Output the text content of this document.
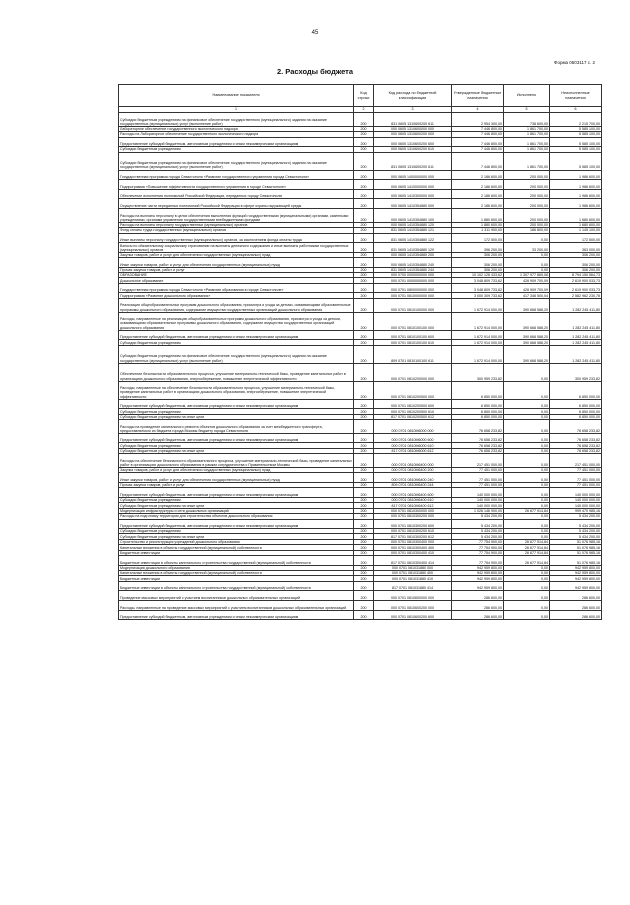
45
Форма 0503117 с. 2
2. Расходы бюджета
Наименование показателя	Код строки	Код расхода по бюджетной классификации	Утвержденные бюджетные назначения	Исполнено	Неисполненные назначения
1	2	3	4	5	6
Субсидии бюджетным учреждениям на финансовое обеспечение государственного (муниципального) задания на оказание государственных (муниципальных) услуг (выполнение работ)	200	831 0605 1310600200 611	2 954 300,00	738 600,00	2 215 700,00
Лабораторное обеспечение государственного экологического надзора	200	000 0605 1310600000 000	7 446 800,00	1 861 700,00	5 585 100,00
Расходы на Лабораторное обеспечение государственного экологического надзора	200	000 0605 1310600200 000	7 446 800,00	1 861 700,00	5 585 100,00
Предоставление субсидий бюджетным, автономным учреждениям и иным некоммерческим организациям	200	000 0605 1310600200 600	7 446 800,00	1 861 700,00	5 585 100,00
Субсидии бюджетным учреждениям	200	000 0605 1310600200 610	7 446 800,00	1 861 700,00	5 585 100,00
Субсидии бюджетным учреждениям на финансовое обеспечение государственного (муниципального) задания на оказание государственных (муниципальных) услуг (выполнение работ)	200	831 0605 1310600200 611	7 446 800,00	1 861 700,00	5 585 100,00
Государственная программа города Севастополя «Развитие государственного управления города Севастополя»	200	000 0605 1400000000 000	2 186 600,00	200 000,00	1 986 600,00
Подпрограмма «Повышение эффективности государственного управления в городе Севастополе»	200	000 0605 1410000000 000	2 186 600,00	200 000,00	1 986 600,00
Обеспечение исполнения полномочий Российской Федерации, переданных городу Севастополю	200	000 0605 1410300000 000	2 186 600,00	200 000,00	1 986 600,00
Осуществление части переданных полномочий Российской Федерации в сфере охраны окружающей среды	200	000 0605 1410354880 000	2 186 600,00	200 000,00	1 986 600,00
Расходы на выплаты персоналу в целях обеспечения выполнения функций государственными (муниципальными) органами, казенными учреждениями, органами управления государственными внебюджетными фондами	200	000 0605 1410354880 100	1 880 600,00	200 000,00	1 680 600,00
Расходы на выплаты персоналу государственных (муниципальных) органов	200	000 0605 1410354880 120	1 880 600,00	200 000,00	1 680 600,00
Фонд оплаты труда государственных (муниципальных) органов	200	831 0605 1410354880 121	1 311 900,00	166 800,00	1 145 100,00
Иные выплаты персоналу государственных (муниципальных) органов, за исключением фонда оплаты труда	200	831 0605 1410354880 122	172 500,00	0,00	172 500,00
Взносы по обязательному социальному страхованию на выплаты денежного содержания и иные выплаты работникам государственных (муниципальных) органов	200	831 0605 1410354880 129	396 200,00	33 200,00	363 000,00
Закупка товаров, работ и услуг для обеспечения государственных (муниципальных) нужд	200	000 0605 1410354880 200	306 200,00	0,00	306 200,00
Иные закупки товаров, работ и услуг для обеспечения государственных (муниципальных) нужд	200	000 0605 1410354880 240	306 200,00	0,00	306 200,00
Прочая закупка товаров, работ и услуг	200	831 0605 1410354880 244	306 200,00	0,00	306 200,00
ОБРАЗОВАНИЕ	200	000 0700 0000000000 000	10 102 128 433,62	1 307 977 869,08	8 794 150 564,73
Дошкольное образование	200	000 0701 0000000000 000	3 048 809 733,62	428 909 700,09	2 619 900 033,73
Государственная программа города Севастополя «Развитие образования в городе Севастополе»	200	000 0701 0800000000 000	3 048 809 733,62	428 909 700,09	2 619 900 033,73
Подпрограмма «Развитие дошкольного образования»	200	000 0701 0810000000 000	3 000 309 733,62	417 346 500,04	2 582 962 230,78
Реализация общеобразовательных программ дошкольного образования, присмотра и ухода за детьми, осваивающими образовательные программы дошкольного образования, содержание имущества государственных организаций дошкольного образования	200	000 0701 0810100000 000	1 672 914 000,00	390 668 588,20	1 282 245 411,80
Расходы, направленные на реализацию общеобразовательных программ дошкольного образования, присмотра и ухода за детьми, осваивающими образовательные программы дошкольного образования, содержание имущества государственных организаций дошкольного образования	200	000 0701 0810100100 000	1 672 914 000,00	390 668 588,20	1 282 245 411,80
Предоставление субсидий бюджетным, автономным учреждениям и иным некоммерческим организациям	200	000 0701 0810100100 600	1 672 914 000,00	390 668 588,20	1 282 245 411,80
Субсидии бюджетным учреждениям	200	000 0701 0810100100 610	1 672 914 000,00	390 668 588,20	1 282 245 411,80
Субсидии бюджетным учреждениям на финансовое обеспечение государственного (муниципального) задания на оказание государственных (муниципальных) услуг (выполнение работ)	200	809 0701 0810100100 611	1 672 914 000,00	390 668 588,20	1 282 245 411,80
Обеспечение безопасности образовательного процесса, улучшение материально-технической базы, проведение капитальных работ в организациях дошкольного образования, энергосбережение, повышение энергетической эффективности	200	000 0701 0810200000 000	300 959 233,82	0,00	300 959 233,82
Расходы, направленные на обеспечение безопасности образовательного процесса, улучшение материально-технической базы, проведение капитальных работ в организациях дошкольного образования, энергосбережение, повышение энергетической эффективности	200	000 0701 0810200500 000	6 850 000,00	0,00	6 850 000,00
Предоставление субсидий бюджетным, автономным учреждениям и иным некоммерческим организациям	200	000 0701 0810200500 600	6 850 000,00	0,00	6 850 000,00
Субсидии бюджетным учреждениям	200	000 0701 0810200500 610	6 850 000,00	0,00	6 850 000,00
Субсидии бюджетным учреждениям на иные цели	200	817 0701 0810200500 612	6 850 000,00	0,00	6 850 000,00
Расходы на проведение капитального ремонта объектов дошкольного образования за счет межбюджетного трансферта, предоставляемого из бюджета города Москвы бюджету города Севастополя	200	000 0701 0810М6000 000	76 658 233,82	0,00	76 658 233,82
Предоставление субсидий бюджетным, автономным учреждениям и иным некоммерческим организациям	200	000 0701 0810М6000 600	76 658 233,82	0,00	76 658 233,82
Субсидии бюджетным учреждениям	200	000 0701 0810М6000 610	76 658 233,82	0,00	76 658 233,82
Субсидии бюджетным учреждениям на иные цели	200	817 0701 0810М6000 612	76 658 233,82	0,00	76 658 233,82
Расходы на обеспечение безопасности образовательного процесса, улучшение материально-технической базы, проведение капитальных работ в организациях дошкольного образования в рамках сотрудничества с Правительством Москвы	200	000 0701 0810М6400 000	217 451 000,00	0,00	217 451 000,00
Закупка товаров, работ и услуг для обеспечения государственных (муниципальных) нужд	200	000 0701 0810М6400 200	77 451 000,00	0,00	77 451 000,00
Иные закупки товаров, работ и услуг для обеспечения государственных (муниципальных) нужд	200	000 0701 0810М6400 240	77 451 000,00	0,00	77 451 000,00
Прочая закупка товаров, работ и услуг	200	809 0701 0810М6400 244	77 451 000,00	0,00	77 451 000,00
Предоставление субсидий бюджетным, автономным учреждениям и иным некоммерческим организациям	200	000 0701 0810М6400 600	140 000 000,00	0,00	140 000 000,00
Субсидии бюджетным учреждениям	200	000 0701 0810М6400 610	140 000 000,00	0,00	140 000 000,00
Субсидии бюджетным учреждениям на иные цели	200	817 0701 0810М6400 612	140 000 000,00	0,00	140 000 000,00
Модернизация инфраструктуры и сети дошкольных организаций	200	000 0701 0810300000 000	1 026 146 900,00	26 677 914,84	999 470 985,16
Расходы на подготовку территории для строительства объектов дошкольного образования	200	000 0701 0810300200 000	5 434 200,00	0,00	5 434 200,00
Предоставление субсидий бюджетным, автономным учреждениям и иным некоммерческим организациям	200	000 0701 0810300200 600	5 434 200,00	0,00	5 434 200,00
Субсидии бюджетным учреждениям	200	000 0701 0810300200 610	5 434 200,00	0,00	5 434 200,00
Субсидии бюджетным учреждениям на иные цели	200	817 0701 0810300200 612	5 434 200,00	0,00	5 434 200,00
Строительство и реконструкция учреждений дошкольного образования	200	000 0701 0810300400 000	77 754 900,00	26 677 914,84	51 076 985,16
Капитальные вложения в объекты государственной (муниципальной) собственности	200	000 0701 0810300400 400	77 754 900,00	26 677 914,84	51 076 985,16
Бюджетные инвестиции	200	000 0701 0810300400 410	77 754 900,00	26 677 914,84	51 076 985,16
Бюджетные инвестиции в объекты капитального строительства государственной (муниципальной) собственности	200	817 0701 0810300400 414	77 754 900,00	26 677 914,84	51 076 985,16
Модернизация дошкольного образования	200	000 0701 081031880 000	942 959 800,00	0,00	942 959 800,00
Капитальные вложения в объекты государственной (муниципальной) собственности	200	000 0701 081031880 400	942 959 800,00	0,00	942 959 800,00
Бюджетные инвестиции	200	000 0701 081031880 410	942 959 800,00	0,00	942 959 800,00
Бюджетные инвестиции в объекты капитального строительства государственной (муниципальной) собственности	200	817 0701 081031880 414	942 959 800,00	0,00	942 959 800,00
Проведение массовых мероприятий с участием воспитанников дошкольных образовательных организаций	200	000 0701 0810600000 000	286 600,00	0,00	286 600,00
Расходы, направленные на проведение массовых мероприятий с участием воспитанников дошкольных образовательных организаций	200	000 0701 0810600200 000	286 600,00	0,00	286 600,00
Предоставление субсидий бюджетным, автономным учреждениям и иным некоммерческим организациям	200	000 0701 0810600200 600	286 600,00	0,00	286 600,00
